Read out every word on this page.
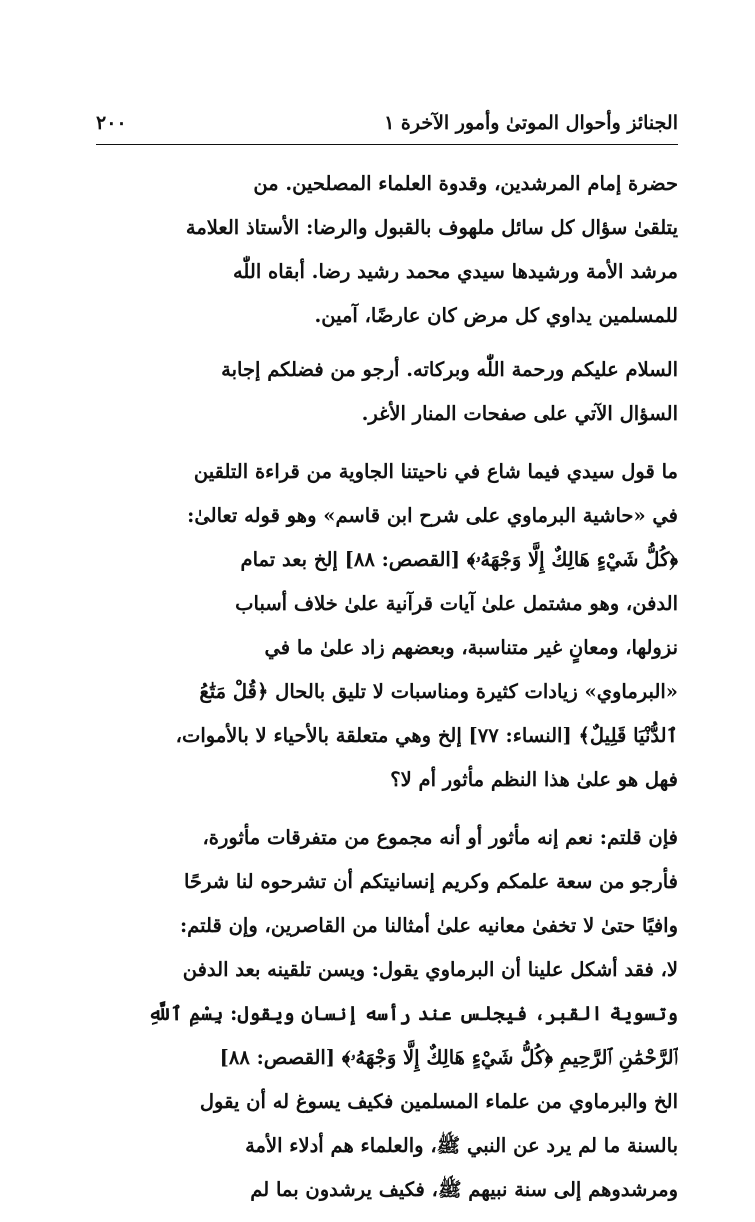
الجنائز وأحوال الموتىٰ وأمور الآخرة ١
٢٠٠
حضرة إمام المرشدين، وقدوة العلماء المصلحين. من
يتلقىٰ سؤال كل سائل ملهوف بالقبول والرضا: الأستاذ العلامة
مرشد الأمة ورشيدها سيدي محمد رشيد رضا. أبقاه اللّٰه
للمسلمين يداوي كل مرض كان عارضًا، آمين.
السلام عليكم ورحمة اللّٰه وبركاته. أرجو من فضلكم إجابة
السؤال الآتي على صفحات المنار الأغر.
ما قول سيدي فيما شاع في ناحيتنا الجاوية من قراءة التلقين
في «حاشية البرماوي على شرح ابن قاسم» وهو قوله تعالىٰ:
﴿كُلُّ شَيْءٍ هَالِكٌ إِلَّا وَجْهَهُۥ﴾ [القصص: ٨٨] إلخ بعد تمام
الدفن، وهو مشتمل علىٰ آيات قرآنية علىٰ خلاف أسباب
نزولها، ومعانٍ غير متناسبة، وبعضهم زاد علىٰ ما في
«البرماوي» زيادات كثيرة ومناسبات لا تليق بالحال ﴿قُلْ مَتَٰعُ
ٱلدُّنْيَا قَلِيلٌ﴾ [النساء: ٧٧] إلخ وهي متعلقة بالأحياء لا بالأموات،
فهل هو علىٰ هذا النظم مأثور أم لا؟
فإن قلتم: نعم إنه مأثور أو أنه مجموع من متفرقات مأثورة،
فأرجو من سعة علمكم وكريم إنسانيتكم أن تشرحوه لنا شرحًا
وافيًا حتىٰ لا تخفىٰ معانيه علىٰ أمثالنا من القاصرين، وإن قلتم:
لا، فقد أشكل علينا أن البرماوي يقول: ويسن تلقينه بعد الدفن
وتسوية القبر، فيجلس عند رأسه إنسان ويقول: بِسْمِ ٱللَّهِ
ٱلرَّحْمَٰنِ ٱلرَّحِيمِ ﴿كُلُّ شَيْءٍ هَالِكٌ إِلَّا وَجْهَهُۥ﴾ [القصص: ٨٨]
الخ والبرماوي من علماء المسلمين فكيف يسوغ له أن يقول
بالسنة ما لم يرد عن النبي ﷺ، والعلماء هم أدلاء الأمة
ومرشدوهم إلى سنة نبيهم ﷺ، فكيف يرشدون بما لم
